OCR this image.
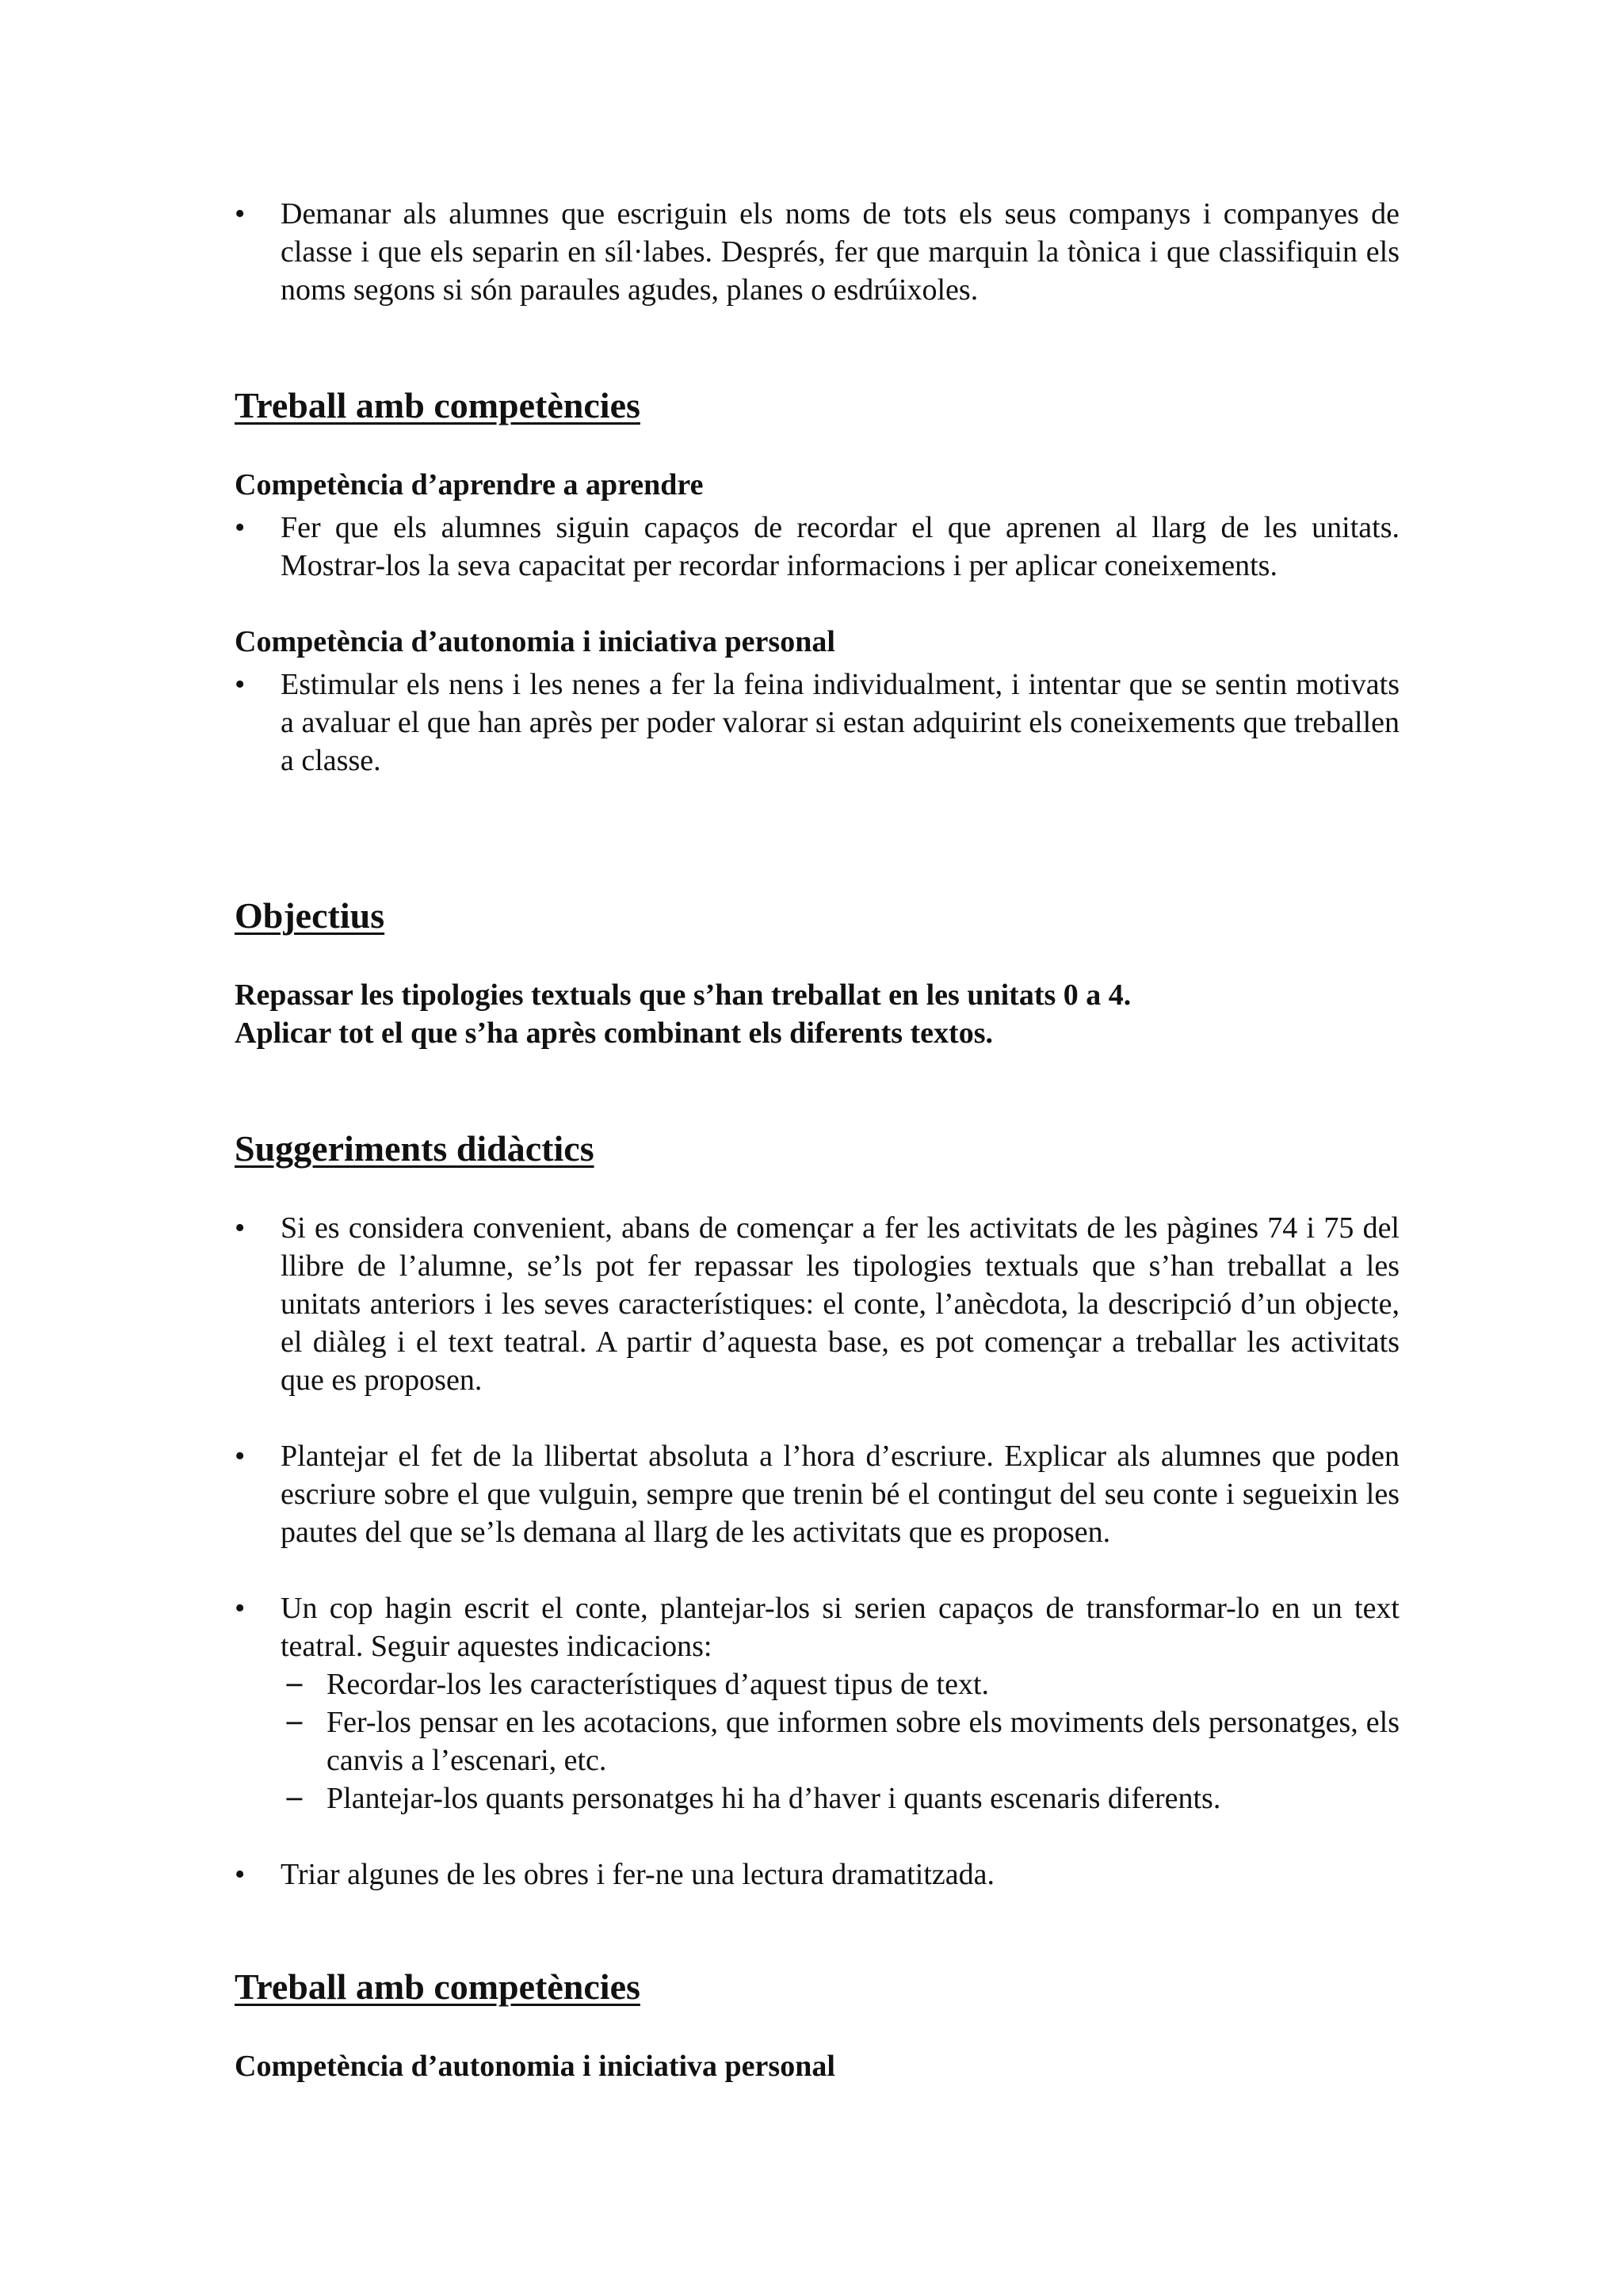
• Demanar als alumnes que escriguin els noms de tots els seus companys i companyes de classe i que els separin en síl·labes. Després, fer que marquin la tònica i que classifiquin els noms segons si són paraules agudes, planes o esdrúixoles.

Treball amb competències

Competència d’aprendre a aprendre

• Fer que els alumnes siguin capaços de recordar el que aprenen al llarg de les unitats. Mostrar-los la seva capacitat per recordar informacions i per aplicar coneixements.

Competència d’autonomia i iniciativa personal

• Estimular els nens i les nenes a fer la feina individualment, i intentar que se sentin motivats a avaluar el que han après per poder valorar si estan adquirint els coneixements que treballen a classe.

Objectius

Repassar les tipologies textuals que s’han treballat en les unitats 0 a 4.

Aplicar tot el que s’ha après combinant els diferents textos.

Suggeriments didàctics

• Si es considera convenient, abans de començar a fer les activitats de les pàgines 74 i 75 del llibre de l’alumne, se’ls pot fer repassar les tipologies textuals que s’han treballat a les unitats anteriors i les seves característiques: el conte, l’anècdota, la descripció d’un objecte, el diàleg i el text teatral. A partir d’aquesta base, es pot començar a treballar les activitats que es proposen.

• Plantejar el fet de la llibertat absoluta a l’hora d’escriure. Explicar als alumnes que poden escriure sobre el que vulguin, sempre que trenin bé el contingut del seu conte i segueixin les pautes del que se’ls demana al llarg de les activitats que es proposen.

• Un cop hagin escrit el conte, plantejar-los si serien capaços de transformar-lo en un text teatral. Seguir aquestes indicacions:

− Recordar-los les característiques d’aquest tipus de text.

− Fer-los pensar en les acotacions, que informen sobre els moviments dels personatges, els canvis a l’escenari, etc.

− Plantejar-los quants personatges hi ha d’haver i quants escenaris diferents.

• Triar algunes de les obres i fer-ne una lectura dramatitzada.

Treball amb competències

Competència d’autonomia i iniciativa personal
